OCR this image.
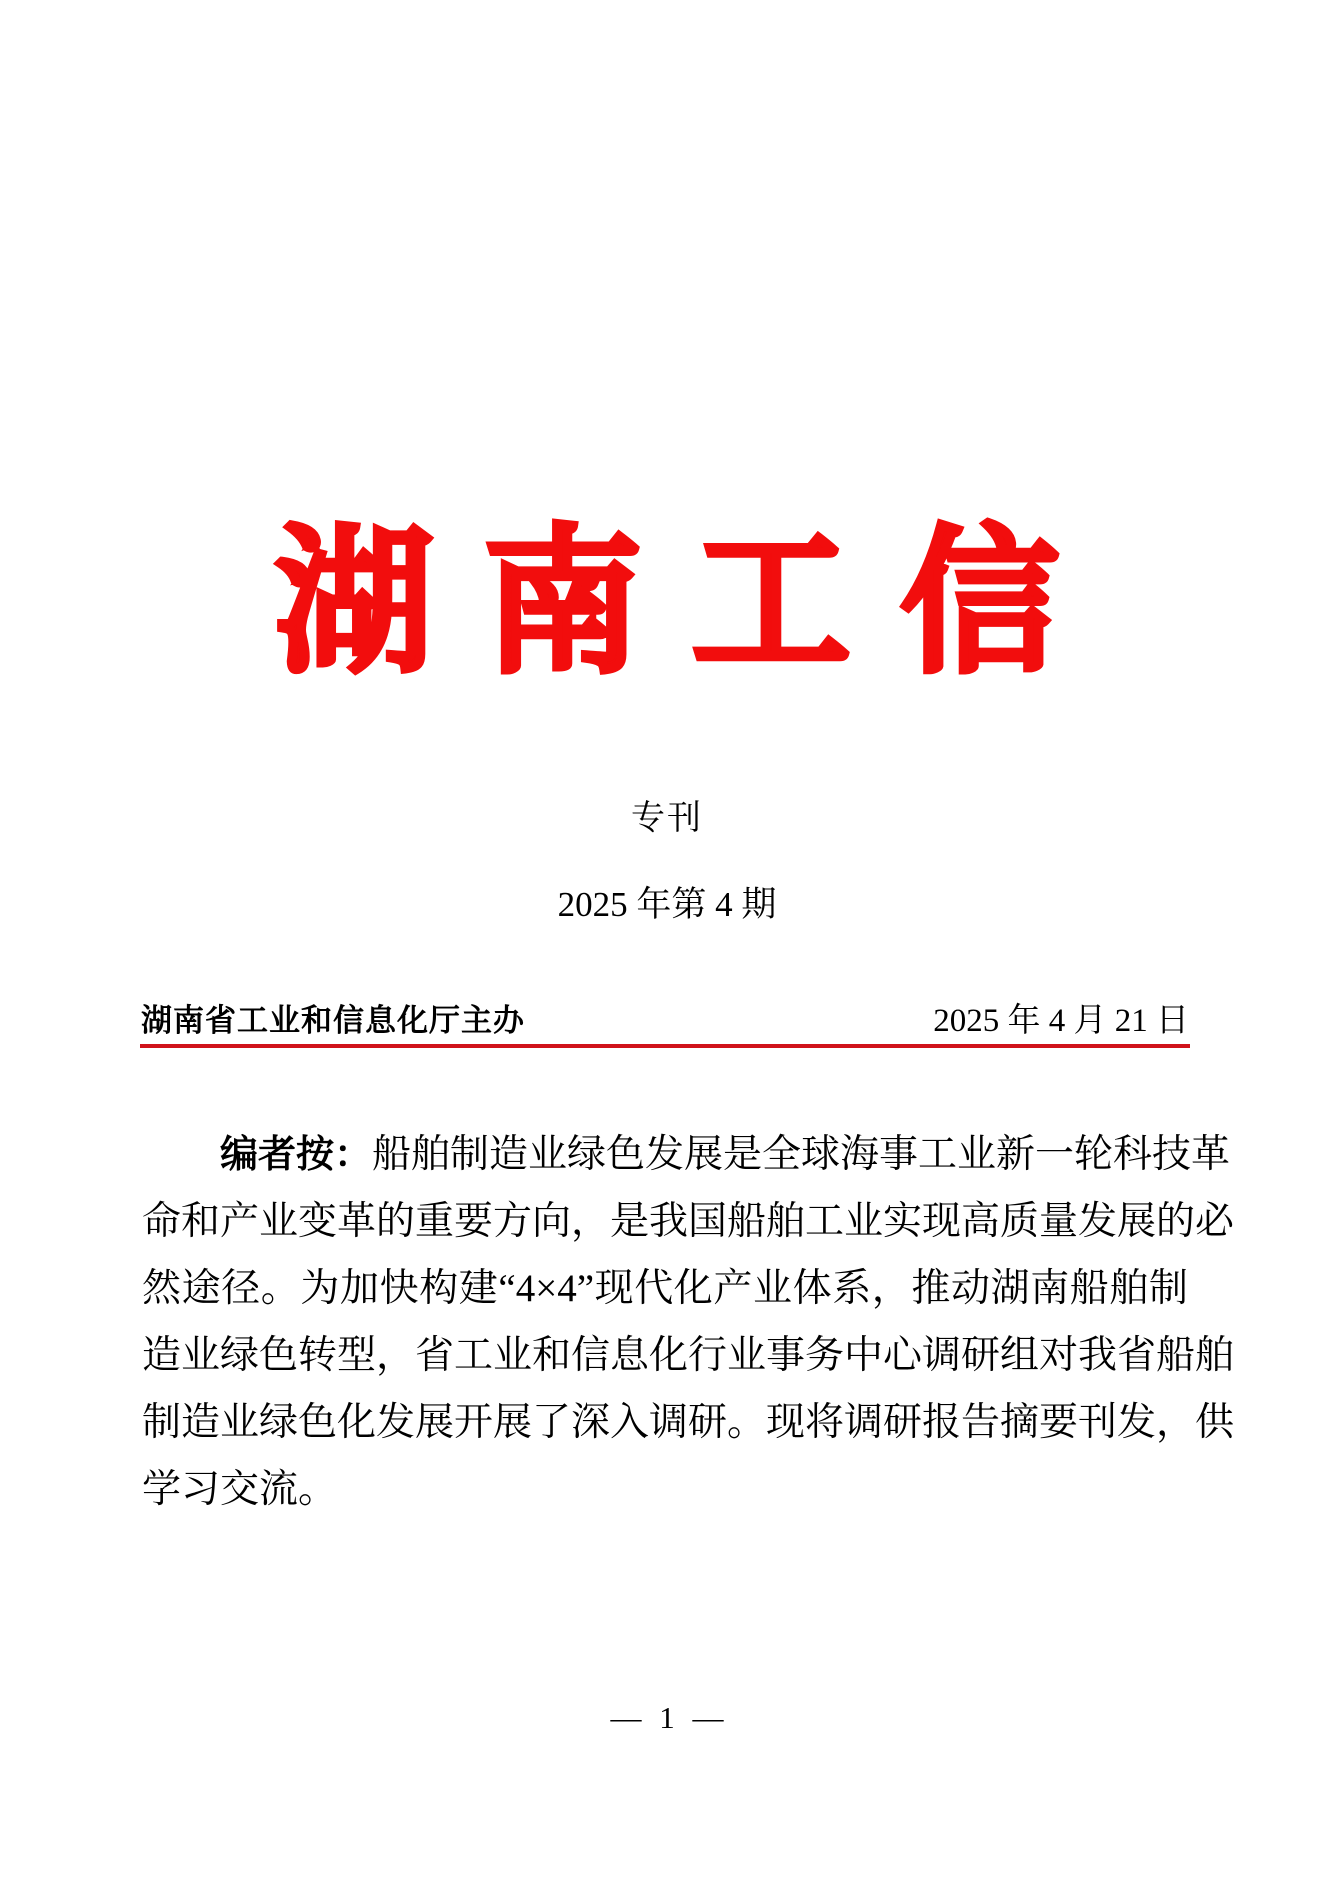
湖南工信
专刊
2025 年第 4 期
湖南省工业和信息化厅主办	2025 年 4 月 21 日
编者按：船舶制造业绿色发展是全球海事工业新一轮科技革
命和产业变革的重要方向，是我国船舶工业实现高质量发展的必
然途径。为加快构建“4×4”现代化产业体系，推动湖南船舶制
造业绿色转型，省工业和信息化行业事务中心调研组对我省船舶
制造业绿色化发展开展了深入调研。现将调研报告摘要刊发，供
学习交流。
— 1 —
